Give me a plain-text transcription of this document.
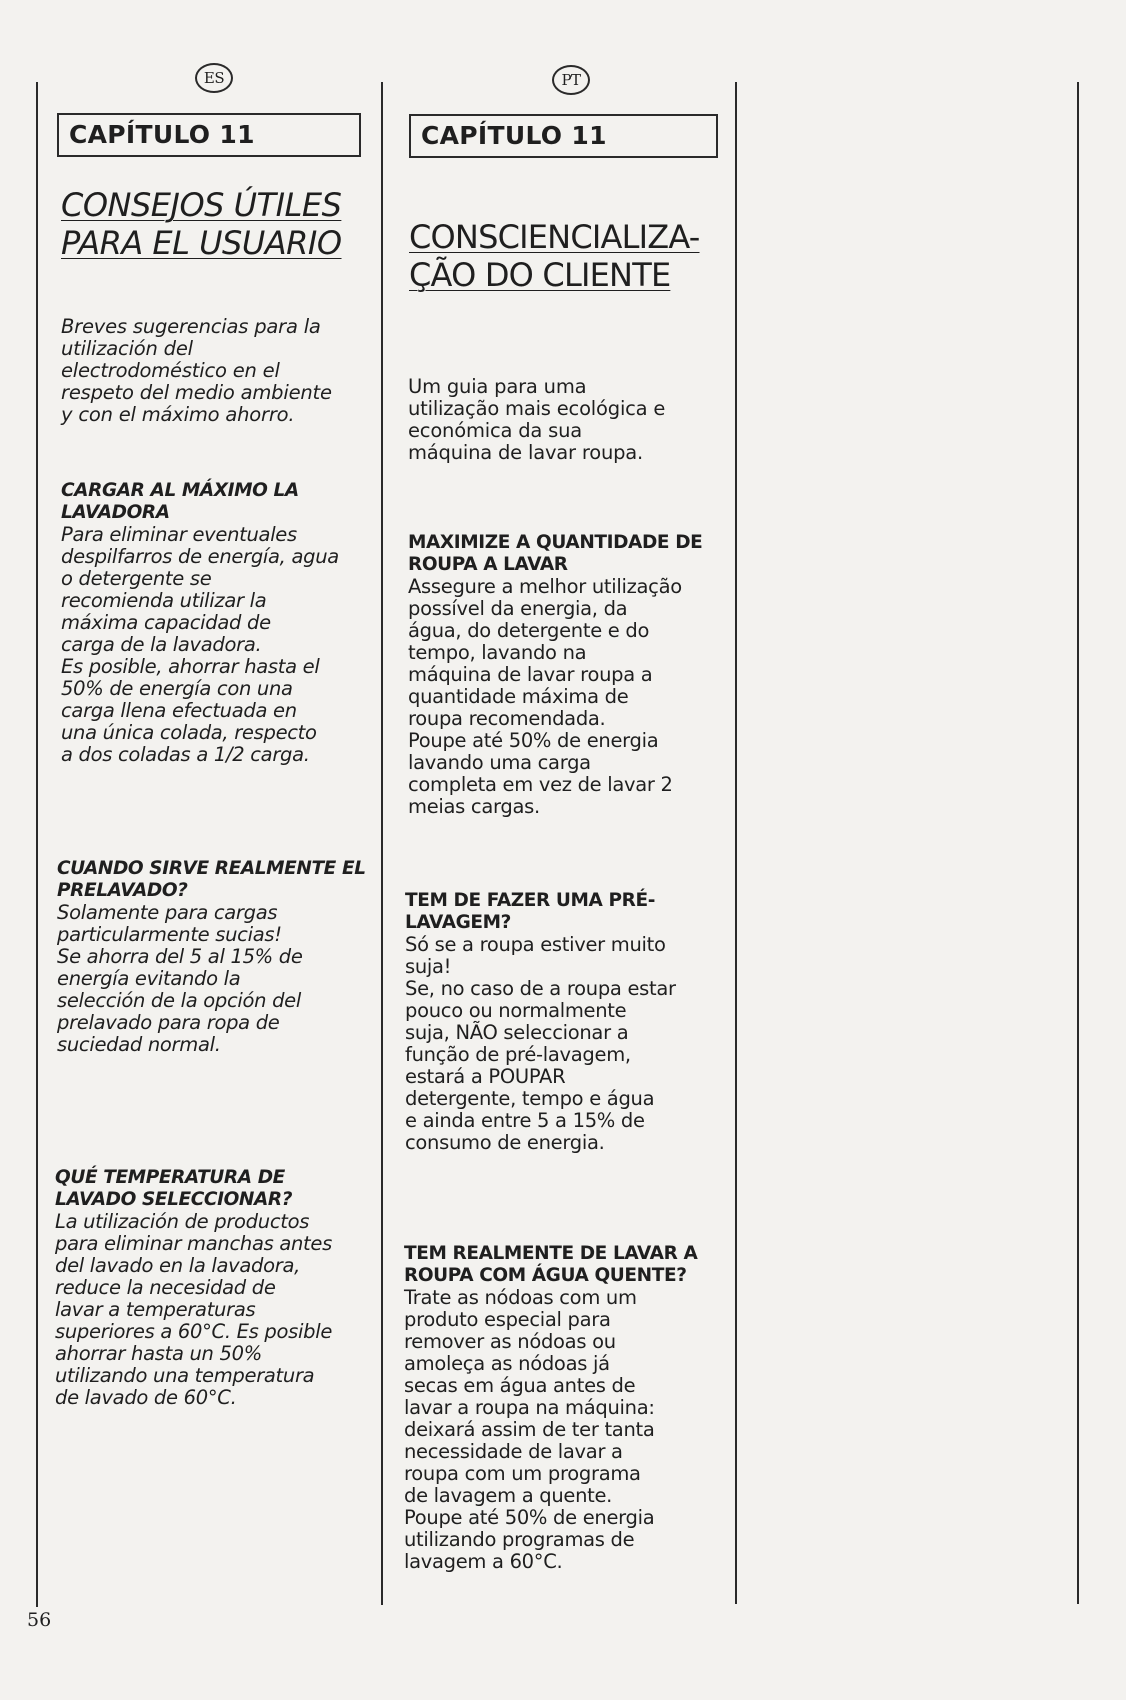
ES
CAPÍTULO 11
CONSEJOS ÚTILES
PARA EL USUARIO
Breves sugerencias para la
utilización del
electrodoméstico en el
respeto del medio ambiente
y con el máximo ahorro.
CARGAR AL MÁXIMO LA
LAVADORA

Para eliminar eventuales
despilfarros de energía, agua
o detergente se
recomienda utilizar la
máxima capacidad de
carga de la lavadora.
Es posible, ahorrar hasta el
50% de energía con una
carga llena efectuada en
una única colada, respecto
a dos coladas a 1/2 carga.

CUANDO SIRVE REALMENTE EL
PRELAVADO?

Solamente para cargas
particularmente sucias!
Se ahorra del 5 al 15% de
energía evitando la
selección de la opción del
prelavado para ropa de
suciedad normal.

QUÉ TEMPERATURA DE
LAVADO SELECCIONAR?

La utilización de productos
para eliminar manchas antes
del lavado en la lavadora,
reduce la necesidad de
lavar a temperaturas
superiores a 60°C. Es posible
ahorrar hasta un 50%
utilizando una temperatura
de lavado de 60°C.

PT
CAPÍTULO 11
CONSCIENCIALIZA-
ÇÃO DO CLIENTE
Um guia para uma
utilização mais ecológica e
económica da sua
máquina de lavar roupa.
MAXIMIZE A QUANTIDADE DE
ROUPA A LAVAR

Assegure a melhor utilização
possível da energia, da
água, do detergente e do
tempo, lavando na
máquina de lavar roupa a
quantidade máxima de
roupa recomendada.
Poupe até 50% de energia
lavando uma carga
completa em vez de lavar 2
meias cargas.

TEM DE FAZER UMA PRÉ-
LAVAGEM?

Só se a roupa estiver muito
suja!
Se, no caso de a roupa estar
pouco ou normalmente
suja, NÃO seleccionar a
função de pré-lavagem,
estará a POUPAR
detergente, tempo e água
e ainda entre 5 a 15% de
consumo de energia.

TEM REALMENTE DE LAVAR A
ROUPA COM ÁGUA QUENTE?

Trate as nódoas com um
produto especial para
remover as nódoas ou
amoleça as nódoas já
secas em água antes de
lavar a roupa na máquina:
deixará assim de ter tanta
necessidade de lavar a
roupa com um programa
de lavagem a quente.
Poupe até 50% de energia
utilizando programas de
lavagem a 60°C.

56
